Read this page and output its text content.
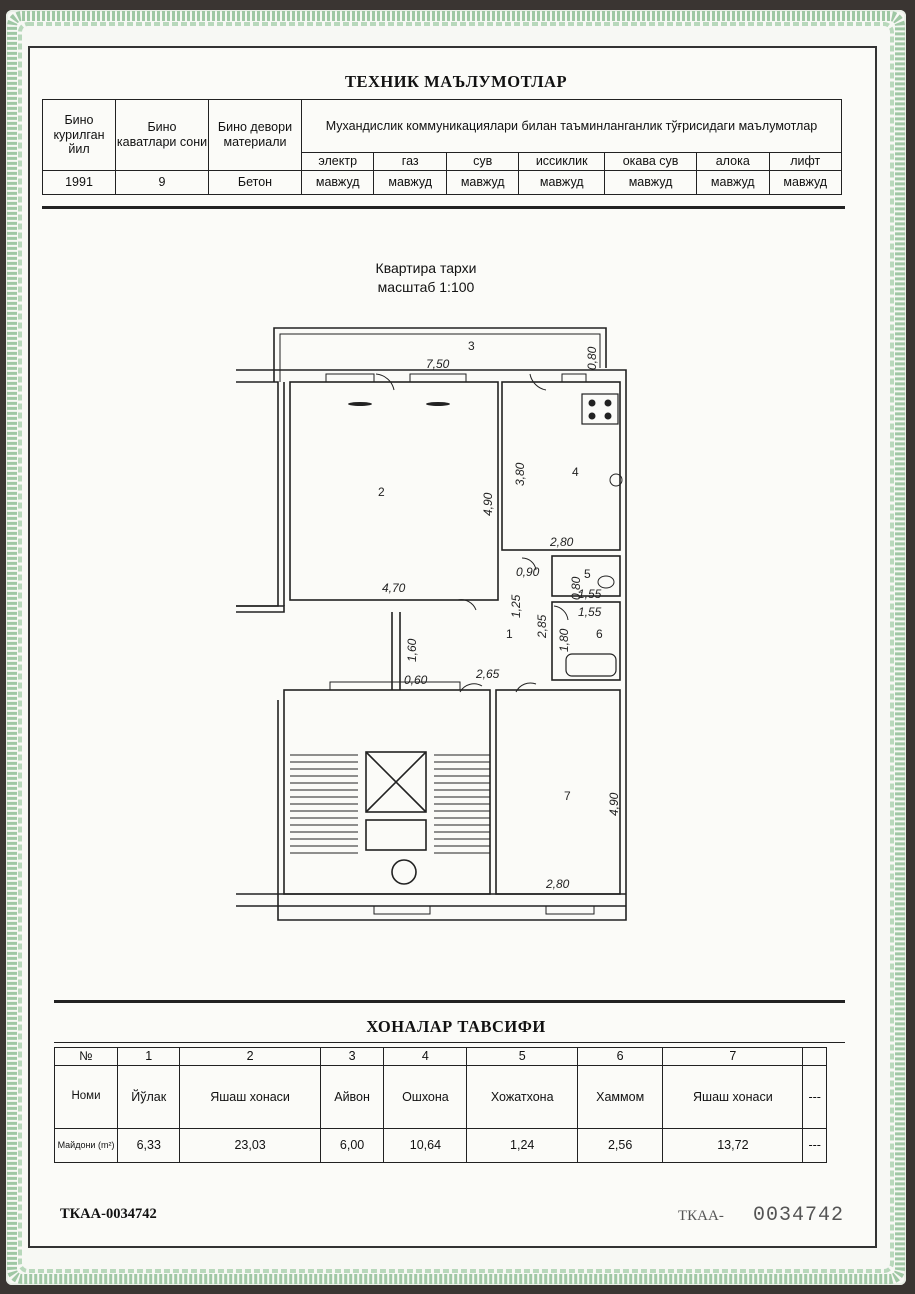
ТЕХНИК МАЪЛУМОТЛАР
Бино курилган йил	Бино каватлари сони	Бино девори материали	Мухандислик коммуникациялари билан таъминланганлик тўғрисидаги маълумотлар						
			электр	газ	сув	иссиклик	окава сув	алока	лифт
1991	9	Бетон	мавжуд	мавжуд	мавжуд	мавжуд	мавжуд	мавжуд	мавжуд
Квартира тархи
масштаб 1:100
1
2
3
4
5
6
7
7,50	0,80
4,90
3,80
2,80
0,90
0,80
1,55
1,55
4,70
1,25
2,85
1,80
1,60
0,60	2,65
4,90
2,80
ХОНАЛАР ТАВСИФИ
№	1	2	3	4	5	6	7	
Номи	Йўлак	Яшаш хонаси	Айвон	Ошхона	Хожатхона	Хаммом	Яшаш хонаси	---
Майдони (m²)	6,33	23,03	6,00	10,64	1,24	2,56	13,72	---
ТКАА-0034742	ТКАА- 0034742
